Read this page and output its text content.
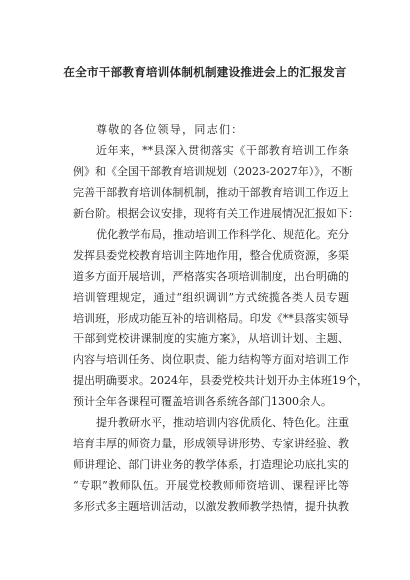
在全市干部教育培训体制机制建设推进会上的汇报发言
尊敬的各位领导，同志们：
近年来，**县深入贯彻落实《干部教育培训工作条
例》和《全国干部教育培训规划（2023-2027年）》，不断
完善干部教育培训体制机制，推动干部教育培训工作迈上
新台阶。根据会议安排，现将有关工作进展情况汇报如下：
优化教学布局，推动培训工作科学化、规范化。充分
发挥县委党校教育培训主阵地作用，整合优质资源，多渠
道多方面开展培训，严格落实各项培训制度，出台明确的
培训管理规定，通过“组织调训”方式统揽各类人员专题
培训班，形成功能互补的培训格局。印发《**县落实领导
干部到党校讲课制度的实施方案》，从培训计划、主题、
内容与培训任务、岗位职责、能力结构等方面对培训工作
提出明确要求。2024年，县委党校共计划开办主体班19个，
预计全年各课程可覆盖培训各系统各部门1300余人。
提升教研水平，推动培训内容优质化、特色化。注重
培育丰厚的师资力量，形成领导讲形势、专家讲经验、教
师讲理论、部门讲业务的教学体系，打造理论功底扎实的
“专职”教师队伍。开展党校教师师资培训、课程评比等
多形式多主题培训活动，以激发教师教学热情，提升执教
